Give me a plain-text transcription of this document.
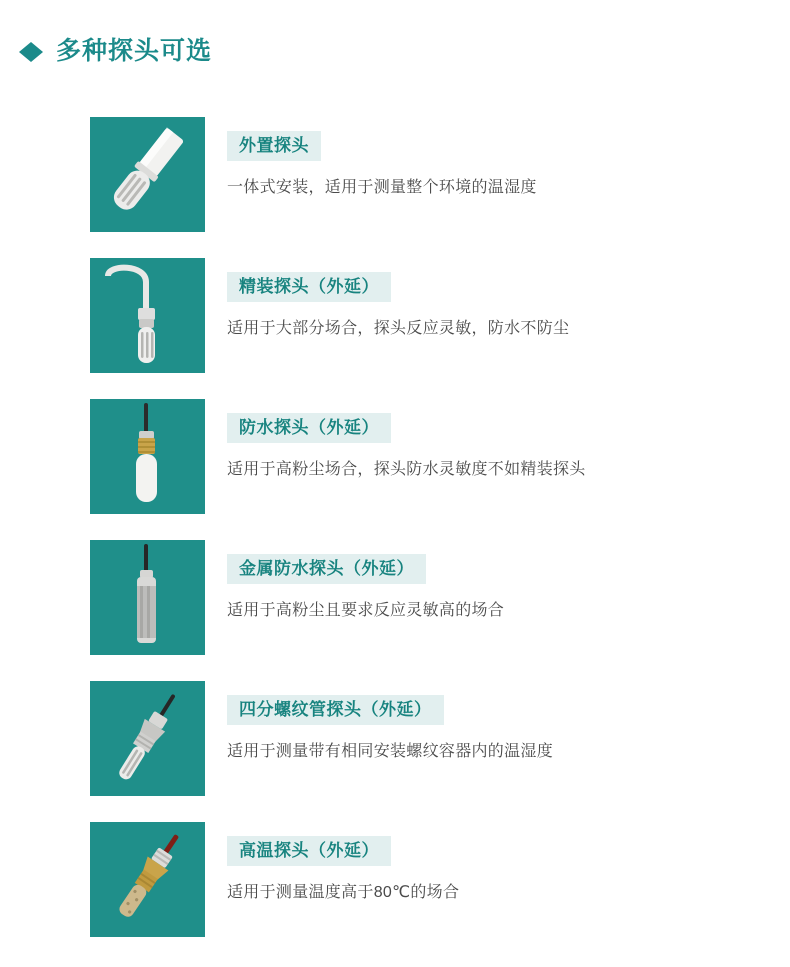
多种探头可选
外置探头
一体式安装，适用于测量整个环境的温湿度
精装探头（外延）
适用于大部分场合，探头反应灵敏，防水不防尘
防水探头（外延）
适用于高粉尘场合，探头防水灵敏度不如精装探头
金属防水探头（外延）
适用于高粉尘且要求反应灵敏高的场合
四分螺纹管探头（外延）
适用于测量带有相同安装螺纹容器内的温湿度
高温探头（外延）
适用于测量温度高于80℃的场合
